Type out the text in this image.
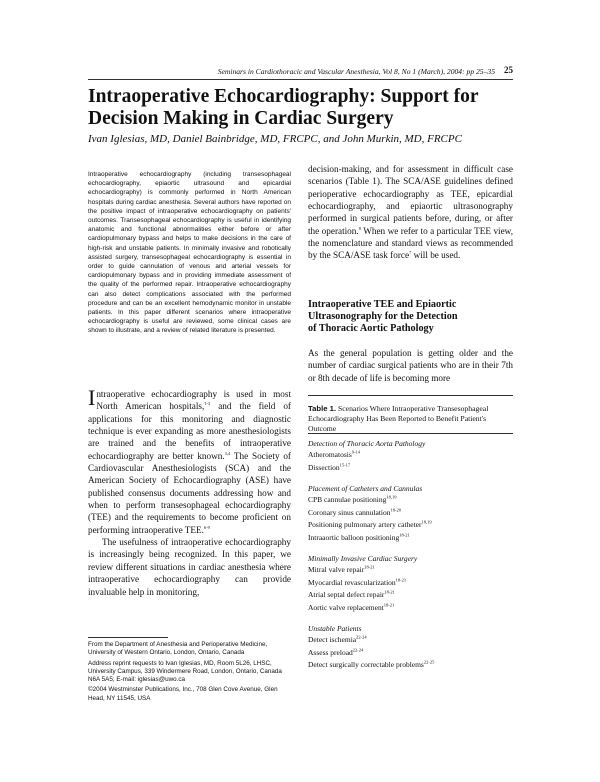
Seminars in Cardiothoracic and Vascular Anesthesia, Vol 8, No 1 (March), 2004: pp 25–35 25
Intraoperative Echocardiography: Support for
Decision Making in Cardiac Surgery
Ivan Iglesias, MD, Daniel Bainbridge, MD, FRCPC, and John Murkin, MD, FRCPC
Intraoperative echocardiography (including transesophageal echocardiography, epiaortic ultrasound and epicardial echocardiography) is commonly performed in North American hospitals during cardiac anesthesia. Several authors have reported on the positive impact of intraoperative echocardiography on patients' outcomes. Transesophageal echocardiography is useful in identifying anatomic and functional abnormalities either before or after cardiopulmonary bypass and helps to make decisions in the care of high-risk and unstable patients. In minimally invasive and robotically assisted surgery, transesophageal echocardiography is essential in order to guide cannulation of venous and arterial vessels for cardiopulmonary bypass and in providing immediate assessment of the quality of the performed repair. Intraoperative echocardiography can also detect complications associated with the performed procedure and can be an excellent hemodynamic monitor in unstable patients. In this paper different scenarios where intraoperative echocardiography is useful are reviewed, some clinical cases are shown to illustrate, and a review of related literature is presented.

Intraoperative echocardiography is used in most North American hospitals,$^{1-3}$ and the field of applications for this monitoring and diagnostic technique is ever expanding as more anesthesiologists are trained and the benefits of intraoperative echocardiography are better known.$^{3,4}$ The Society of Cardiovascular Anesthesiologists (SCA) and the American Society of Echocardiography (ASE) have published consensus documents addressing how and when to perform transesophageal echocardiography (TEE) and the requirements to become proficient on performing intraoperative TEE.$^{6-9}$

The usefulness of intraoperative echocardiography is increasingly being recognized. In this paper, we review different situations in cardiac anesthesia where intraoperative echocardiography can provide invaluable help in monitoring,

From the Department of Anesthesia and Perioperative Medicine, University of Western Ontario, London, Ontario, Canada
Address reprint requests to Ivan Iglesias, MD, Room 5L26, LHSC, University Campus, 339 Windermere Road, London, Ontario, Canada N6A 5A5; E-mail: iglesias@uwo.ca
©2004 Westminster Publications, Inc., 708 Glen Cove Avenue, Glen Head, NY 11545, USA
decision-making, and for assessment in difficult case scenarios (Table 1). The SCA/ASE guidelines defined perioperative echocardiography as TEE, epicardial echocardiography, and epiaortic ultrasonography performed in surgical patients before, during, or after the operation.$^8$ When we refer to a particular TEE view, the nomenclature and standard views as recommended by the SCA/ASE task force$^7$ will be used.
Intraoperative TEE and Epiaortic
Ultrasonography for the Detection
of Thoracic Aortic Pathology
As the general population is getting older and the number of cardiac surgical patients who are in their 7th or 8th decade of life is becoming more
Table 1. Scenarios Where Intraoperative Transesophageal Echocardiography Has Been Reported to Benefit Patient's Outcome
Detection of Thoracic Aorta Pathology
Atheromatosis$^{9-14}$
Dissection$^{15-17}$
Placement of Catheters and Cannulas
CPB cannulae positioning$^{18,19}$
Coronary sinus cannulation$^{18-20}$
Positioning pulmonary artery catheter$^{18,19}$
Intraaortic balloon positioning$^{18-21}$
Minimally Invasive Cardiac Surgery
Mitral valve repair$^{18-21}$
Myocardial revascularization$^{18-21}$
Atrial septal defect repair$^{18-21}$
Aortic valve replacement$^{18-21}$
Unstable Patients
Detect ischemia$^{22-24}$
Assess preload$^{22-24}$
Detect surgically correctable problems$^{22-25}$
